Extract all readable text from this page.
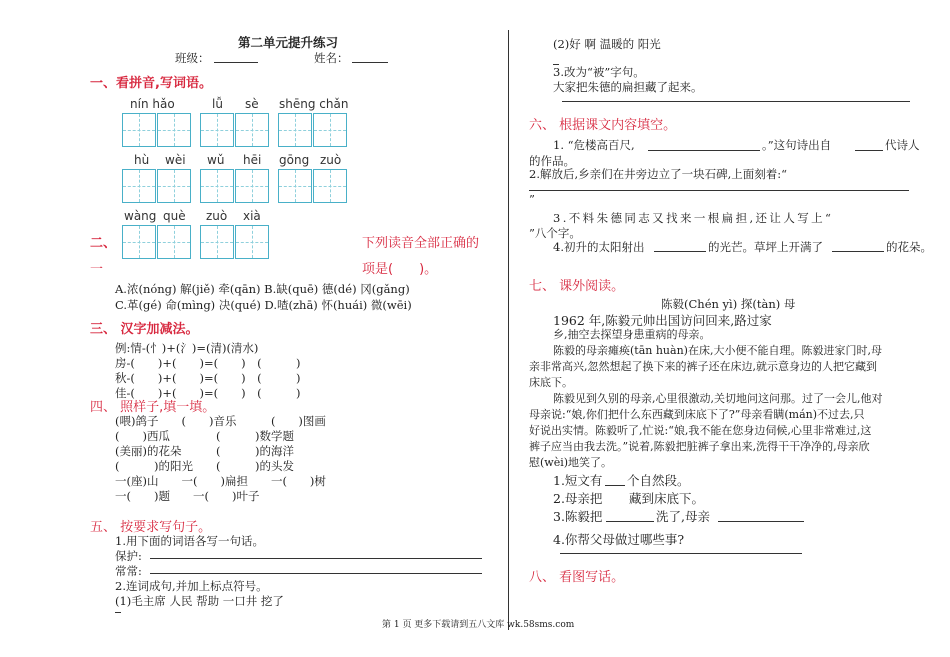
第二单元提升练习
班级：	姓名：
一、看拼音,写词语。
nín hǎo	lǚ sè shēng chǎn
hù wèi wǔ hēi gōng zuò
wàng què zuò xià
二、	下列读音全部正确的
一	项是(　　)。
A.浓(nóng) 解(jiě) 牵(qān) B.缺(quē) 德(dé) 冈(gǎng)
C.革(gé) 命(mìng) 决(qué) D.喳(zhā) 怀(huái) 微(wēi)
三、 汉字加减法。
例:情-(忄)+(氵)=(清)(清水)
房-(　　)+(　　)=(　　)　(　　　)
秋-(　　)+(　　)=(　　)　(　　　)
佳-(　　)+(　　)=(　　)　(　　　)
四、 照样子,填一填。
(喂)鸽子　　(　　)音乐　　　(　　)图画
(　　)西瓜　　　　(　　　)数学题
(美丽)的花朵　　　(　　　)的海洋
(　　　)的阳光　　(　　　)的头发
一(座)山　　一(　　)扁担　　一(　　)树
一(　　)题　　一(　　)叶子
五、 按要求写句子。
1.用下面的词语各写一句话。
保护:
常常:
2.连词成句,并加上标点符号。
(1)毛主席 人民 帮助 一口井 挖了
(2)好 啊 温暖的 阳光
3.改为“被”字句。
大家把朱德的扁担藏了起来。
六、 根据课文内容填空。
1. “危楼高百尺,	。”这句诗出自	代诗人
的作品。
2.解放后,乡亲们在井旁边立了一块石碑,上面刻着:“
”
3.不料朱德同志又找来一根扁担,还让人写上“
”八个字。
4.初升的太阳射出	的光芒。草坪上开满了	的花朵。
七、 课外阅读。
陈毅(Chén yì) 探(tàn) 母
1962 年,陈毅元帅出国访问回来,路过家
乡,抽空去探望身患重病的母亲。
陈毅的母亲瘫痪(tān huàn)在床,大小便不能自理。陈毅进家门时,母
亲非常高兴,忽然想起了换下来的裤子还在床边,就示意身边的人把它藏到
床底下。
陈毅见到久别的母亲,心里很激动,关切地问这问那。过了一会儿,他对
母亲说:“娘,你们把什么东西藏到床底下了?”母亲看瞒(mán)不过去,只
好说出实情。陈毅听了,忙说:“娘,我不能在您身边伺候,心里非常难过,这
裤子应当由我去洗。”说着,陈毅把脏裤子拿出来,洗得干干净净的,母亲欣
慰(wèi)地笑了。
1.短文有 个自然段。
2.母亲把 藏到床底下。
3.陈毅把	洗了,母亲
4.你帮父母做过哪些事?
八、 看图写话。
第 1 页 更多下载请到五八文库 wk.58sms.com
